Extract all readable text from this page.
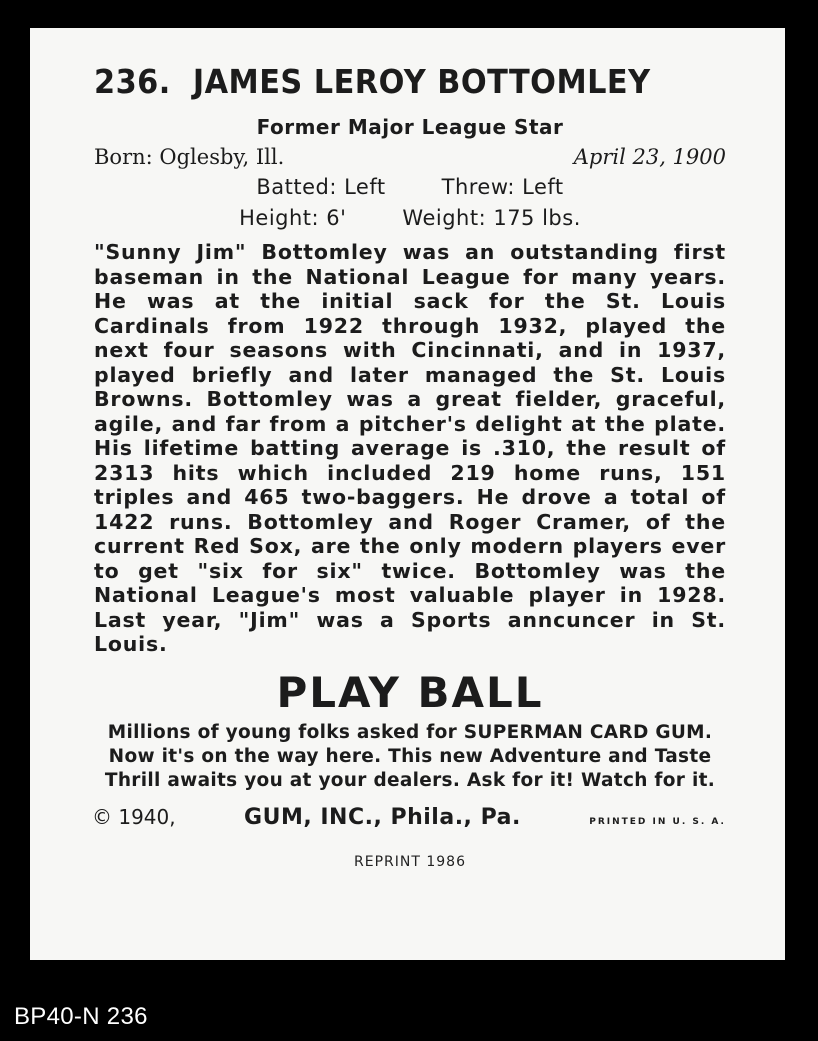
236. JAMES LEROY BOTTOMLEY
Former Major League Star
Born: Oglesby, Ill.	April 23, 1900
Batted: Left	Threw: Left
Height: 6'	Weight: 175 lbs.

"Sunny Jim" Bottomley was an outstanding first baseman in the National League for many years. He was at the initial sack for the St. Louis Cardinals from 1922 through 1932, played the next four seasons with Cincinnati, and in 1937, played briefly and later managed the St. Louis Browns. Bottomley was a great fielder, graceful, agile, and far from a pitcher's delight at the plate. His lifetime batting average is .310, the result of 2313 hits which included 219 home runs, 151 triples and 465 two-baggers. He drove a total of 1422 runs. Bottomley and Roger Cramer, of the current Red Sox, are the only modern players ever to get "six for six" twice. Bottomley was the National League's most valuable player in 1928. Last year, "Jim" was a Sports anncuncer in St. Louis.

PLAY BALL
Millions of young folks asked for SUPERMAN CARD GUM. Now it's on the way here. This new Adventure and Taste Thrill awaits you at your dealers. Ask for it! Watch for it.
© 1940,	GUM, INC., Phila., Pa.	PRINTED IN U. S. A.
REPRINT 1986
BP40-N 236
